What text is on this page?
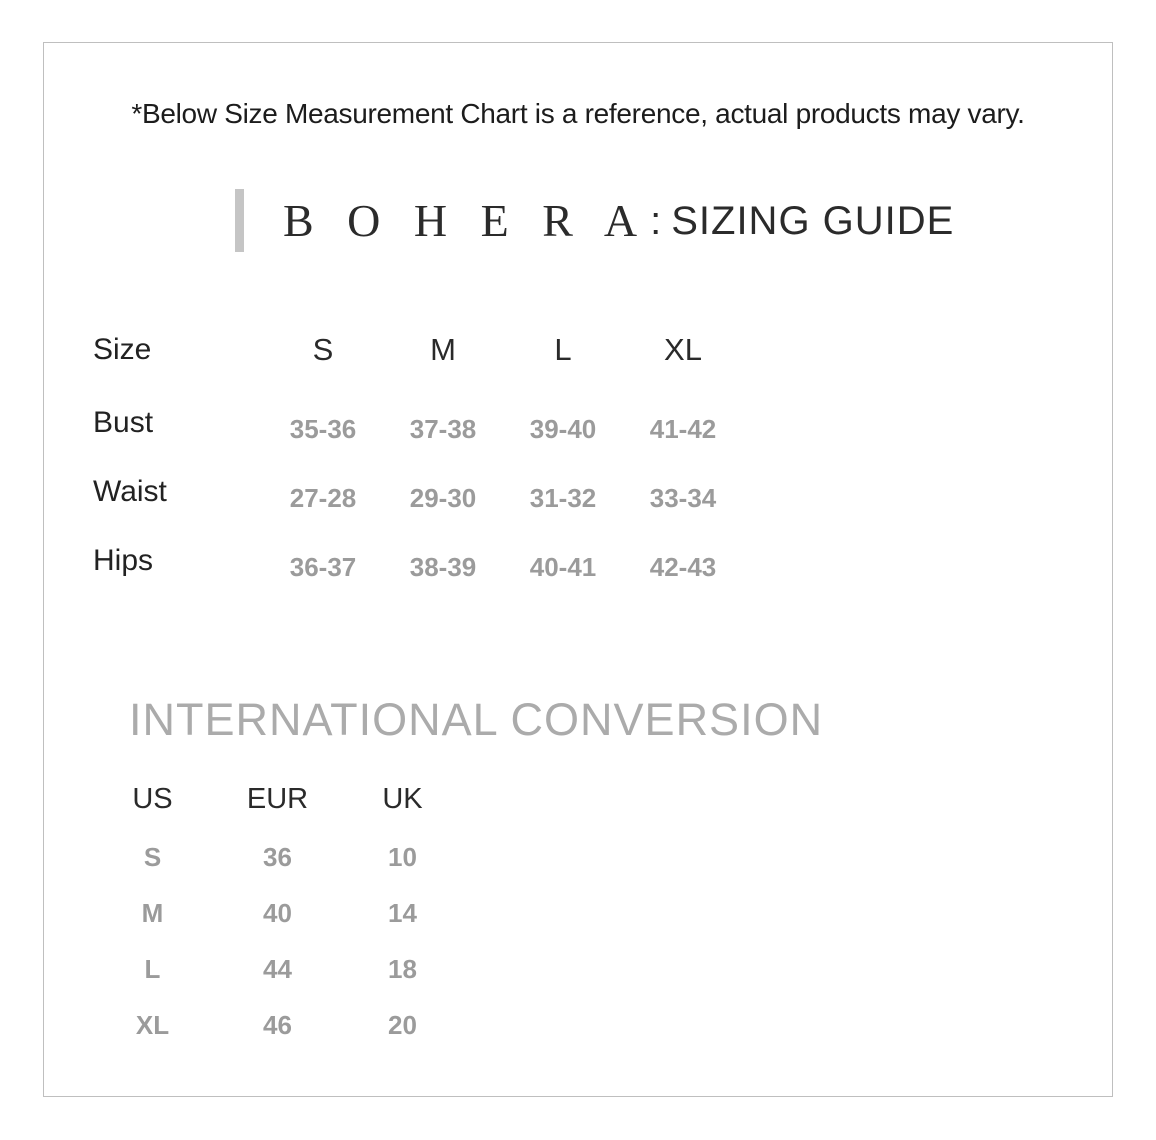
*Below Size Measurement Chart is a reference, actual products may vary.
B O H E R A : SIZING GUIDE
Size	S	M	L	XL
Bust	35-36	37-38	39-40	41-42
Waist	27-28	29-30	31-32	33-34
Hips	36-37	38-39	40-41	42-43
INTERNATIONAL CONVERSION
US	EUR	UK
S	36	10
M	40	14
L	44	18
XL	46	20
